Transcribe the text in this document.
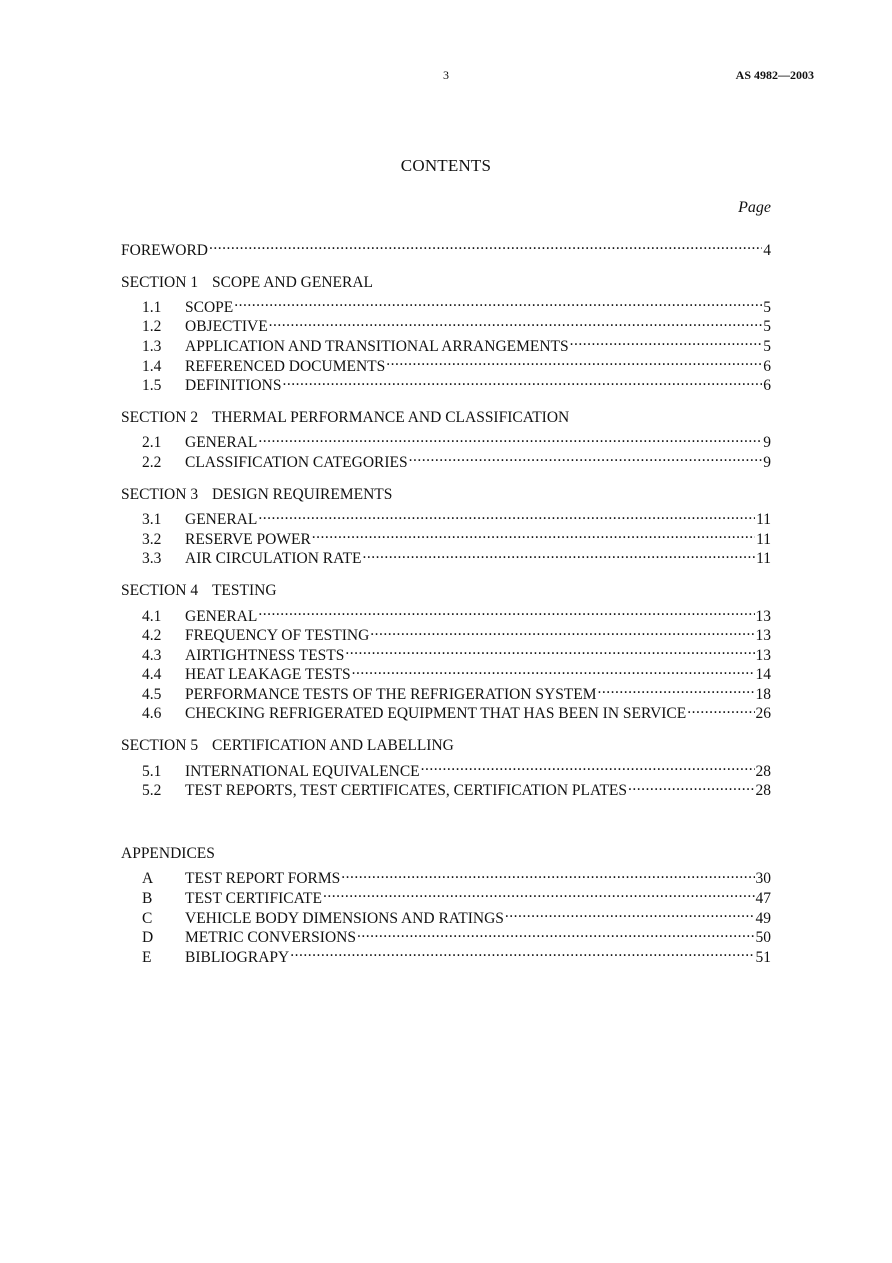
3	AS 4982—2003
CONTENTS
Page
FOREWORD .....	4
SECTION 1 SCOPE AND GENERAL
1.1	SCOPE .....	5
1.2	OBJECTIVE .....	5
1.3	APPLICATION AND TRANSITIONAL ARRANGEMENTS .....	5
1.4	REFERENCED DOCUMENTS .....	6
1.5	DEFINITIONS .....	6
SECTION 2 THERMAL PERFORMANCE AND CLASSIFICATION
2.1	GENERAL .....	9
2.2	CLASSIFICATION CATEGORIES .....	9
SECTION 3 DESIGN REQUIREMENTS
3.1	GENERAL .....	11
3.2	RESERVE POWER .....	11
3.3	AIR CIRCULATION RATE .....	11
SECTION 4 TESTING
4.1	GENERAL .....	13
4.2	FREQUENCY OF TESTING .....	13
4.3	AIRTIGHTNESS TESTS .....	13
4.4	HEAT LEAKAGE TESTS .....	14
4.5	PERFORMANCE TESTS OF THE REFRIGERATION SYSTEM .....	18
4.6	CHECKING REFRIGERATED EQUIPMENT THAT HAS BEEN IN SERVICE .....	26
SECTION 5 CERTIFICATION AND LABELLING
5.1	INTERNATIONAL EQUIVALENCE .....	28
5.2	TEST REPORTS, TEST CERTIFICATES, CERTIFICATION PLATES .....	28
APPENDICES
A	TEST REPORT FORMS .....	30
B	TEST CERTIFICATE .....	47
C	VEHICLE BODY DIMENSIONS AND RATINGS .....	49
D	METRIC CONVERSIONS .....	50
E	BIBLIOGRAPY .....	51
